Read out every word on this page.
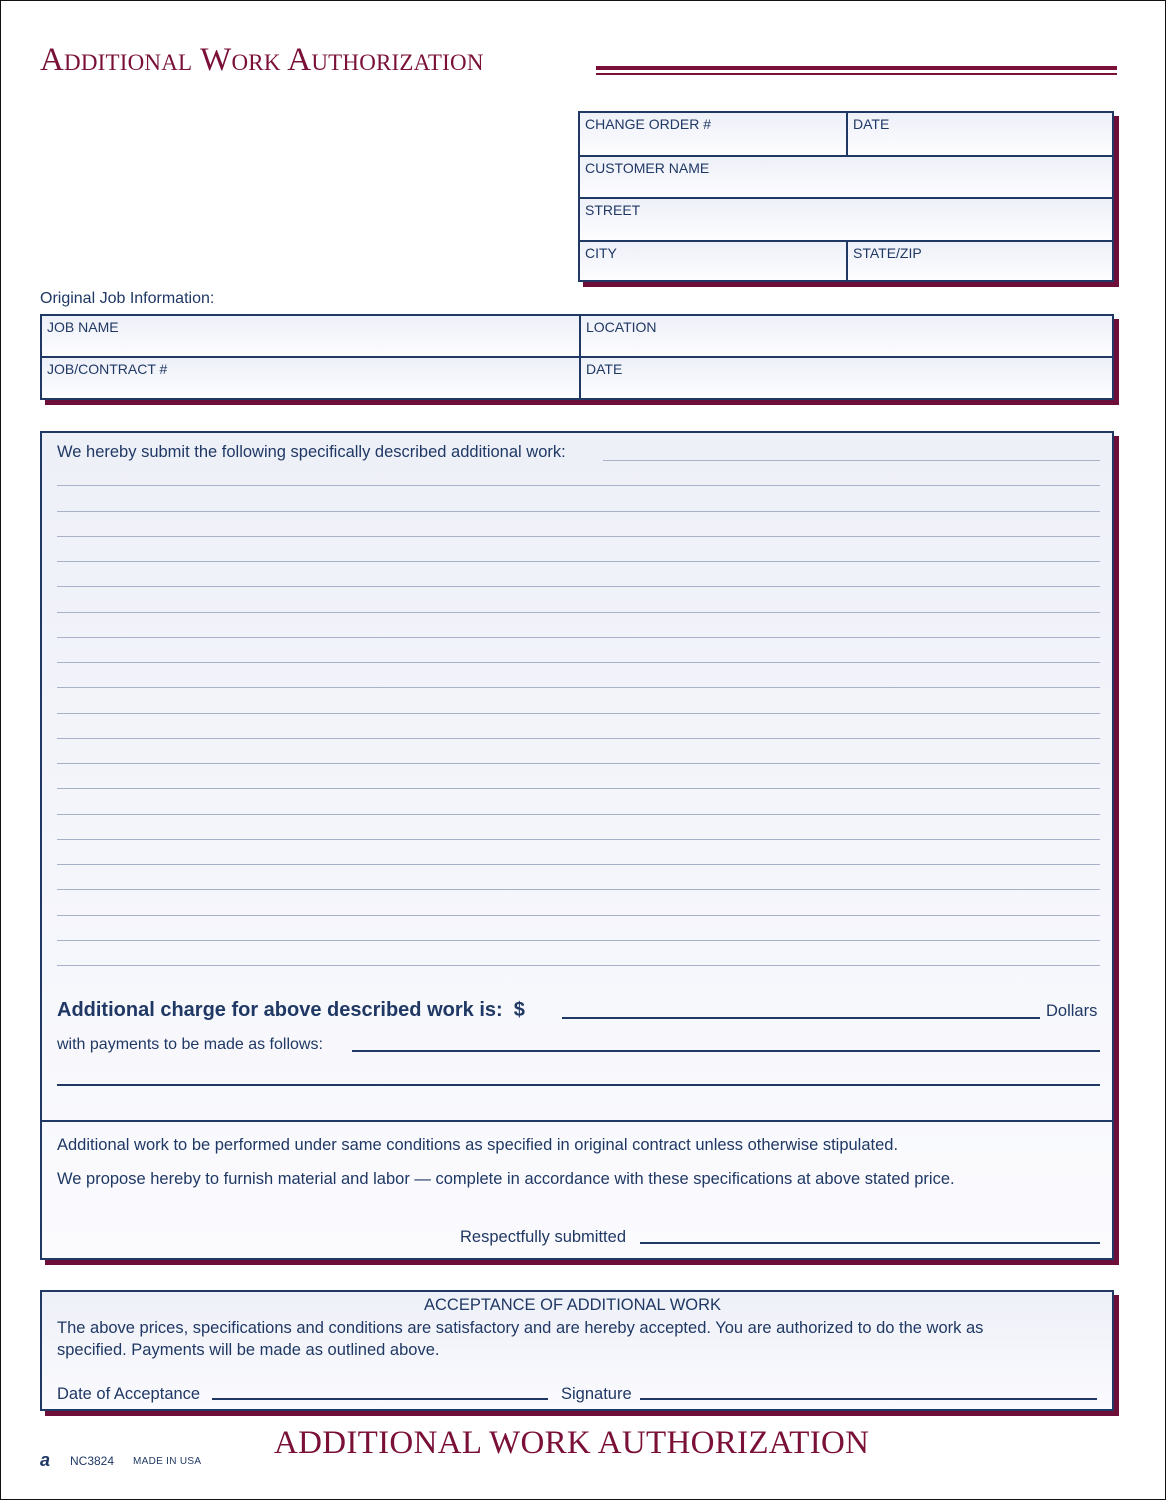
Additional Work Authorization
CHANGE ORDER #	DATE
CUSTOMER NAME
STREET
CITY	STATE/ZIP
Original Job Information:
JOB NAME	LOCATION
JOB/CONTRACT #	DATE
We hereby submit the following specifically described additional work:
Additional charge for above described work is: $	Dollars
with payments to be made as follows:
Additional work to be performed under same conditions as specified in original contract unless otherwise stipulated.
We propose hereby to furnish material and labor — complete in accordance with these specifications at above stated price.
Respectfully submitted
ACCEPTANCE OF ADDITIONAL WORK
The above prices, specifications and conditions are satisfactory and are hereby accepted. You are authorized to do the work as
specified. Payments will be made as outlined above.
Date of Acceptance	Signature
a NC3824 MADE IN USA
ADDITIONAL WORK AUTHORIZATION
